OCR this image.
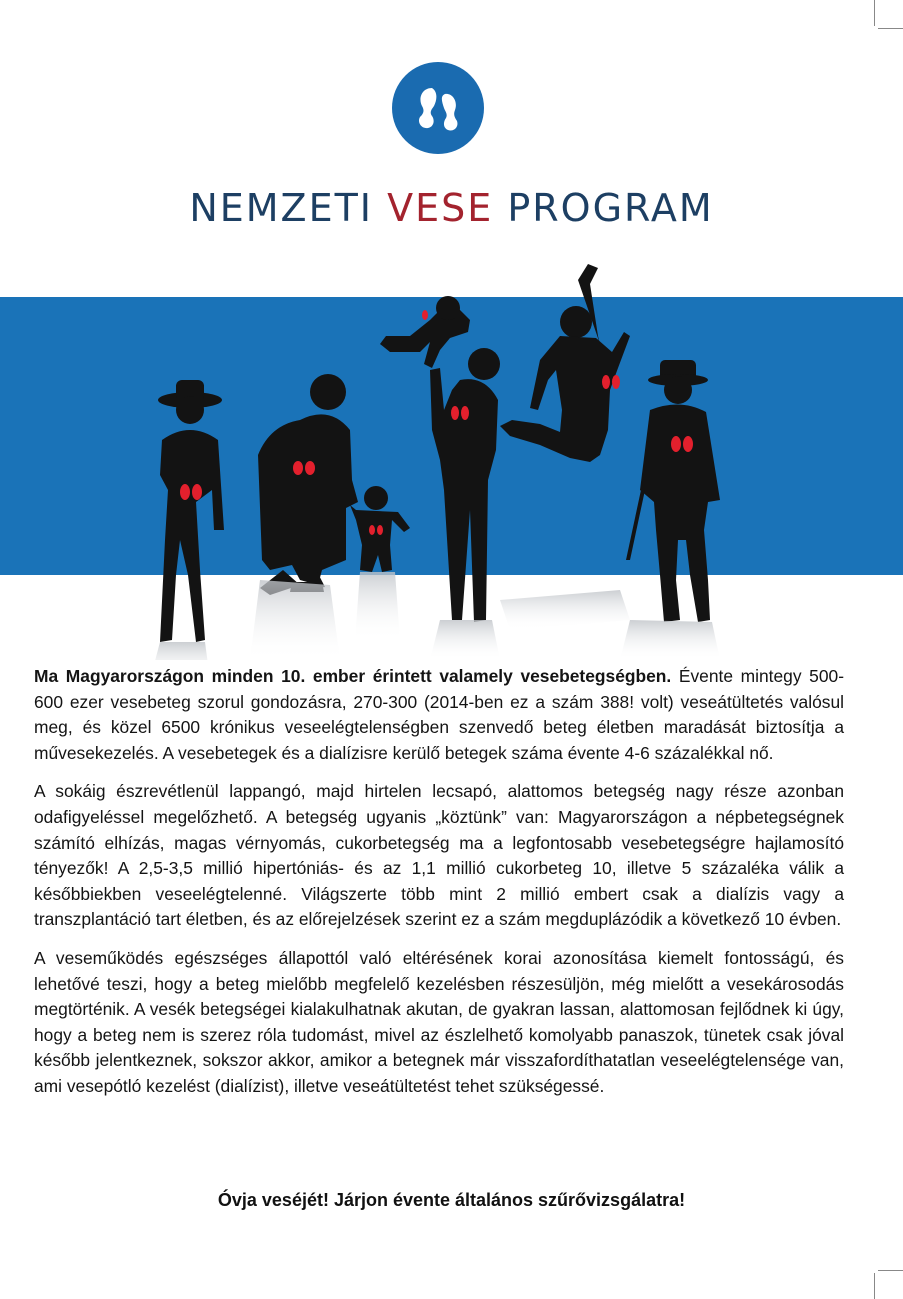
NEMZETI VESE PROGRAM

Ma Magyarországon minden 10. ember érintett valamely vesebetegségben. Évente mintegy 500-600 ezer vesebeteg szorul gondozásra, 270-300 (2014-ben ez a szám 388! volt) veseátültetés valósul meg, és közel 6500 krónikus veseelégtelenségben szenvedő beteg életben maradását biztosítja a művesekezelés. A vesebetegek és a dialízisre kerülő betegek száma évente 4-6 százalékkal nő.

A sokáig észrevétlenül lappangó, majd hirtelen lecsapó, alattomos betegség nagy része azonban odafigyeléssel megelőzhető. A betegség ugyanis „köztünk” van: Magyarországon a népbetegségnek számító elhízás, magas vérnyomás, cukorbetegség ma a legfontosabb vesebetegségre hajlamosító tényezők! A 2,5-3,5 millió hipertóniás- és az 1,1 millió cukorbeteg 10, illetve 5 százaléka válik a későbbiekben veseelégtelenné. Világszerte több mint 2 millió embert csak a dialízis vagy a transzplantáció tart életben, és az előrejelzések szerint ez a szám megduplázódik a következő 10 évben.

A veseműködés egészséges állapottól való eltérésének korai azonosítása kiemelt fontosságú, és lehetővé teszi, hogy a beteg mielőbb megfelelő kezelésben részesüljön, még mielőtt a vesekárosodás megtörténik. A vesék betegségei kialakulhatnak akutan, de gyakran lassan, alattomosan fejlődnek ki úgy, hogy a beteg nem is szerez róla tudomást, mivel az észlelhető komolyabb panaszok, tünetek csak jóval később jelentkeznek, sokszor akkor, amikor a betegnek már visszafordíthatatlan veseelégtelensége van, ami vesepótló kezelést (dialízist), illetve veseátültetést tehet szükségessé.

Óvja veséjét! Járjon évente általános szűrővizsgálatra!
